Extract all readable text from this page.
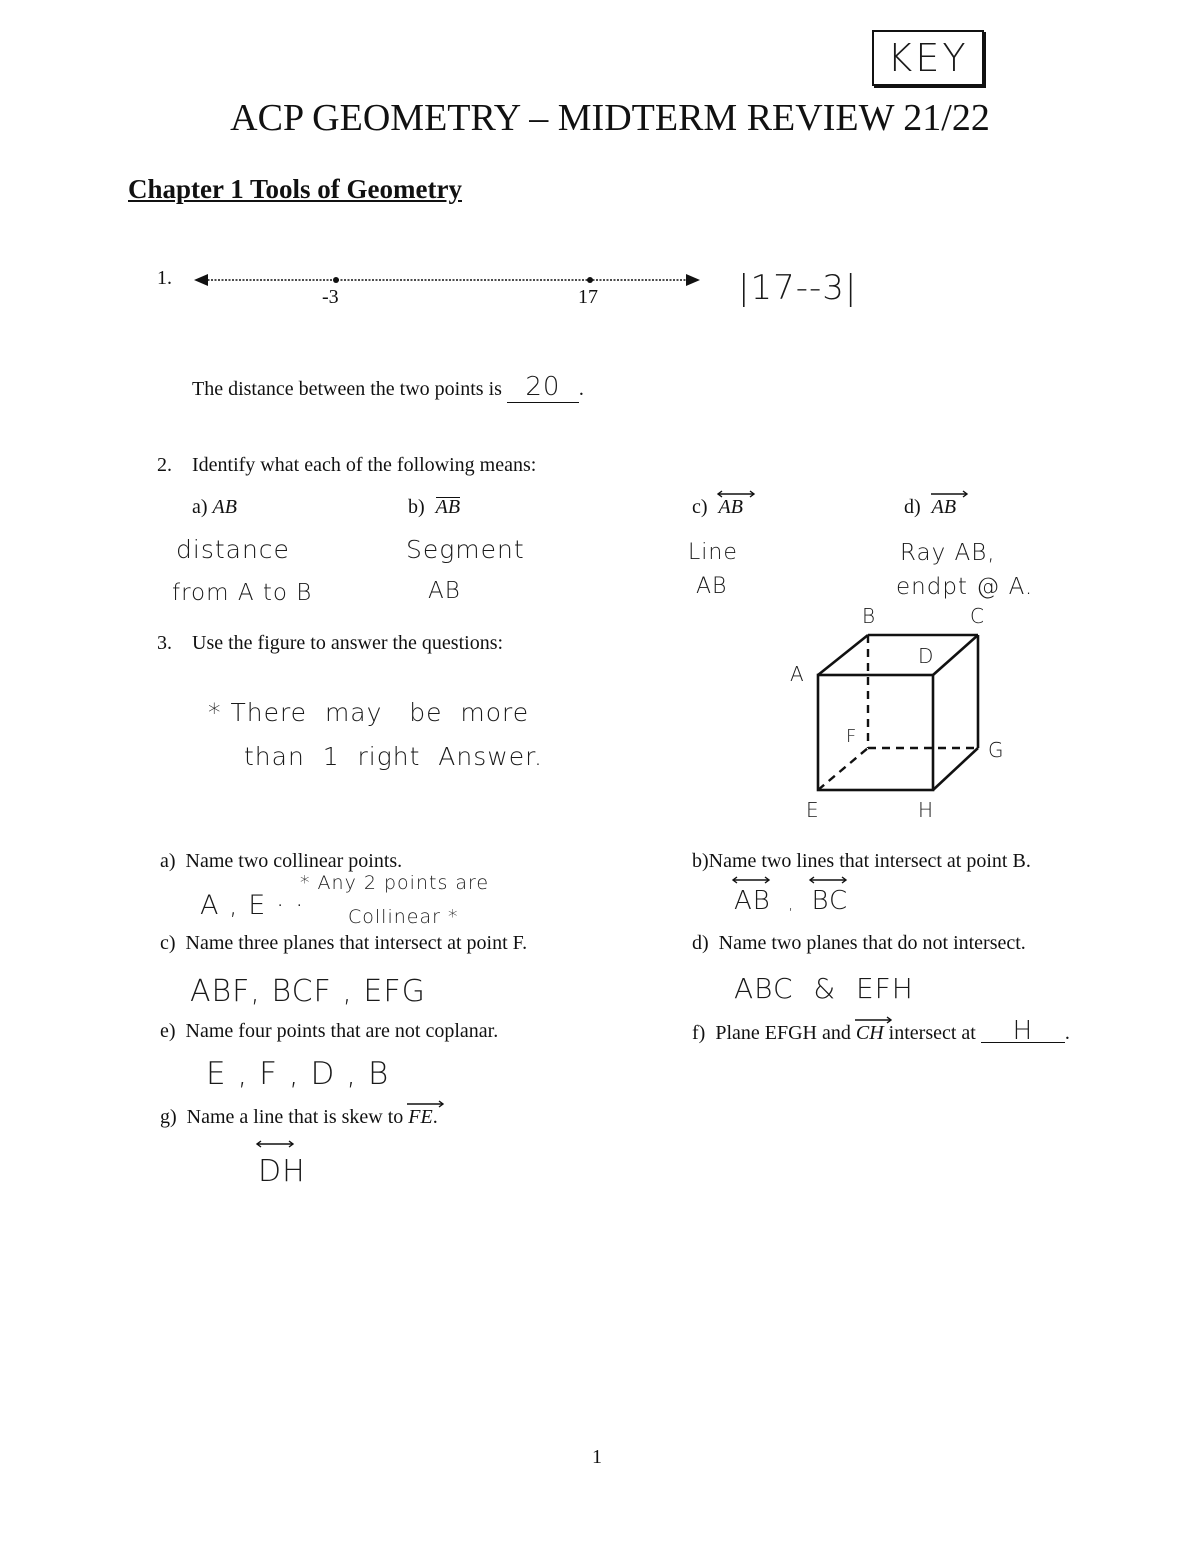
KEY
ACP GEOMETRY – MIDTERM REVIEW 21/22
Chapter 1 Tools of Geometry
1.
-3	17	|17--3|
The distance between the two points is 20 .
2. Identify what each of the following means:
a) AB
distance
from A to B
b) AB
Segment
AB
c) AB
Line
AB
d) AB
Ray AB,
endpt @ A.
3. Use the figure to answer the questions:
* There  may   be  more
than  1  right  Answer.
A
B	C
D
E
F
G
H
a) Name two collinear points.
A , E · ·
* Any 2 points are
Collinear *
b)Name two lines that intersect at point B.
AB , BC
c) Name three planes that intersect at point F.
ABF, BCF , EFG
d) Name two planes that do not intersect.
ABC  &  EFH
e) Name four points that are not coplanar.
E , F , D , B
f) Plane EFGH and CH intersect at H .
g) Name a line that is skew to FE.
DH
1
